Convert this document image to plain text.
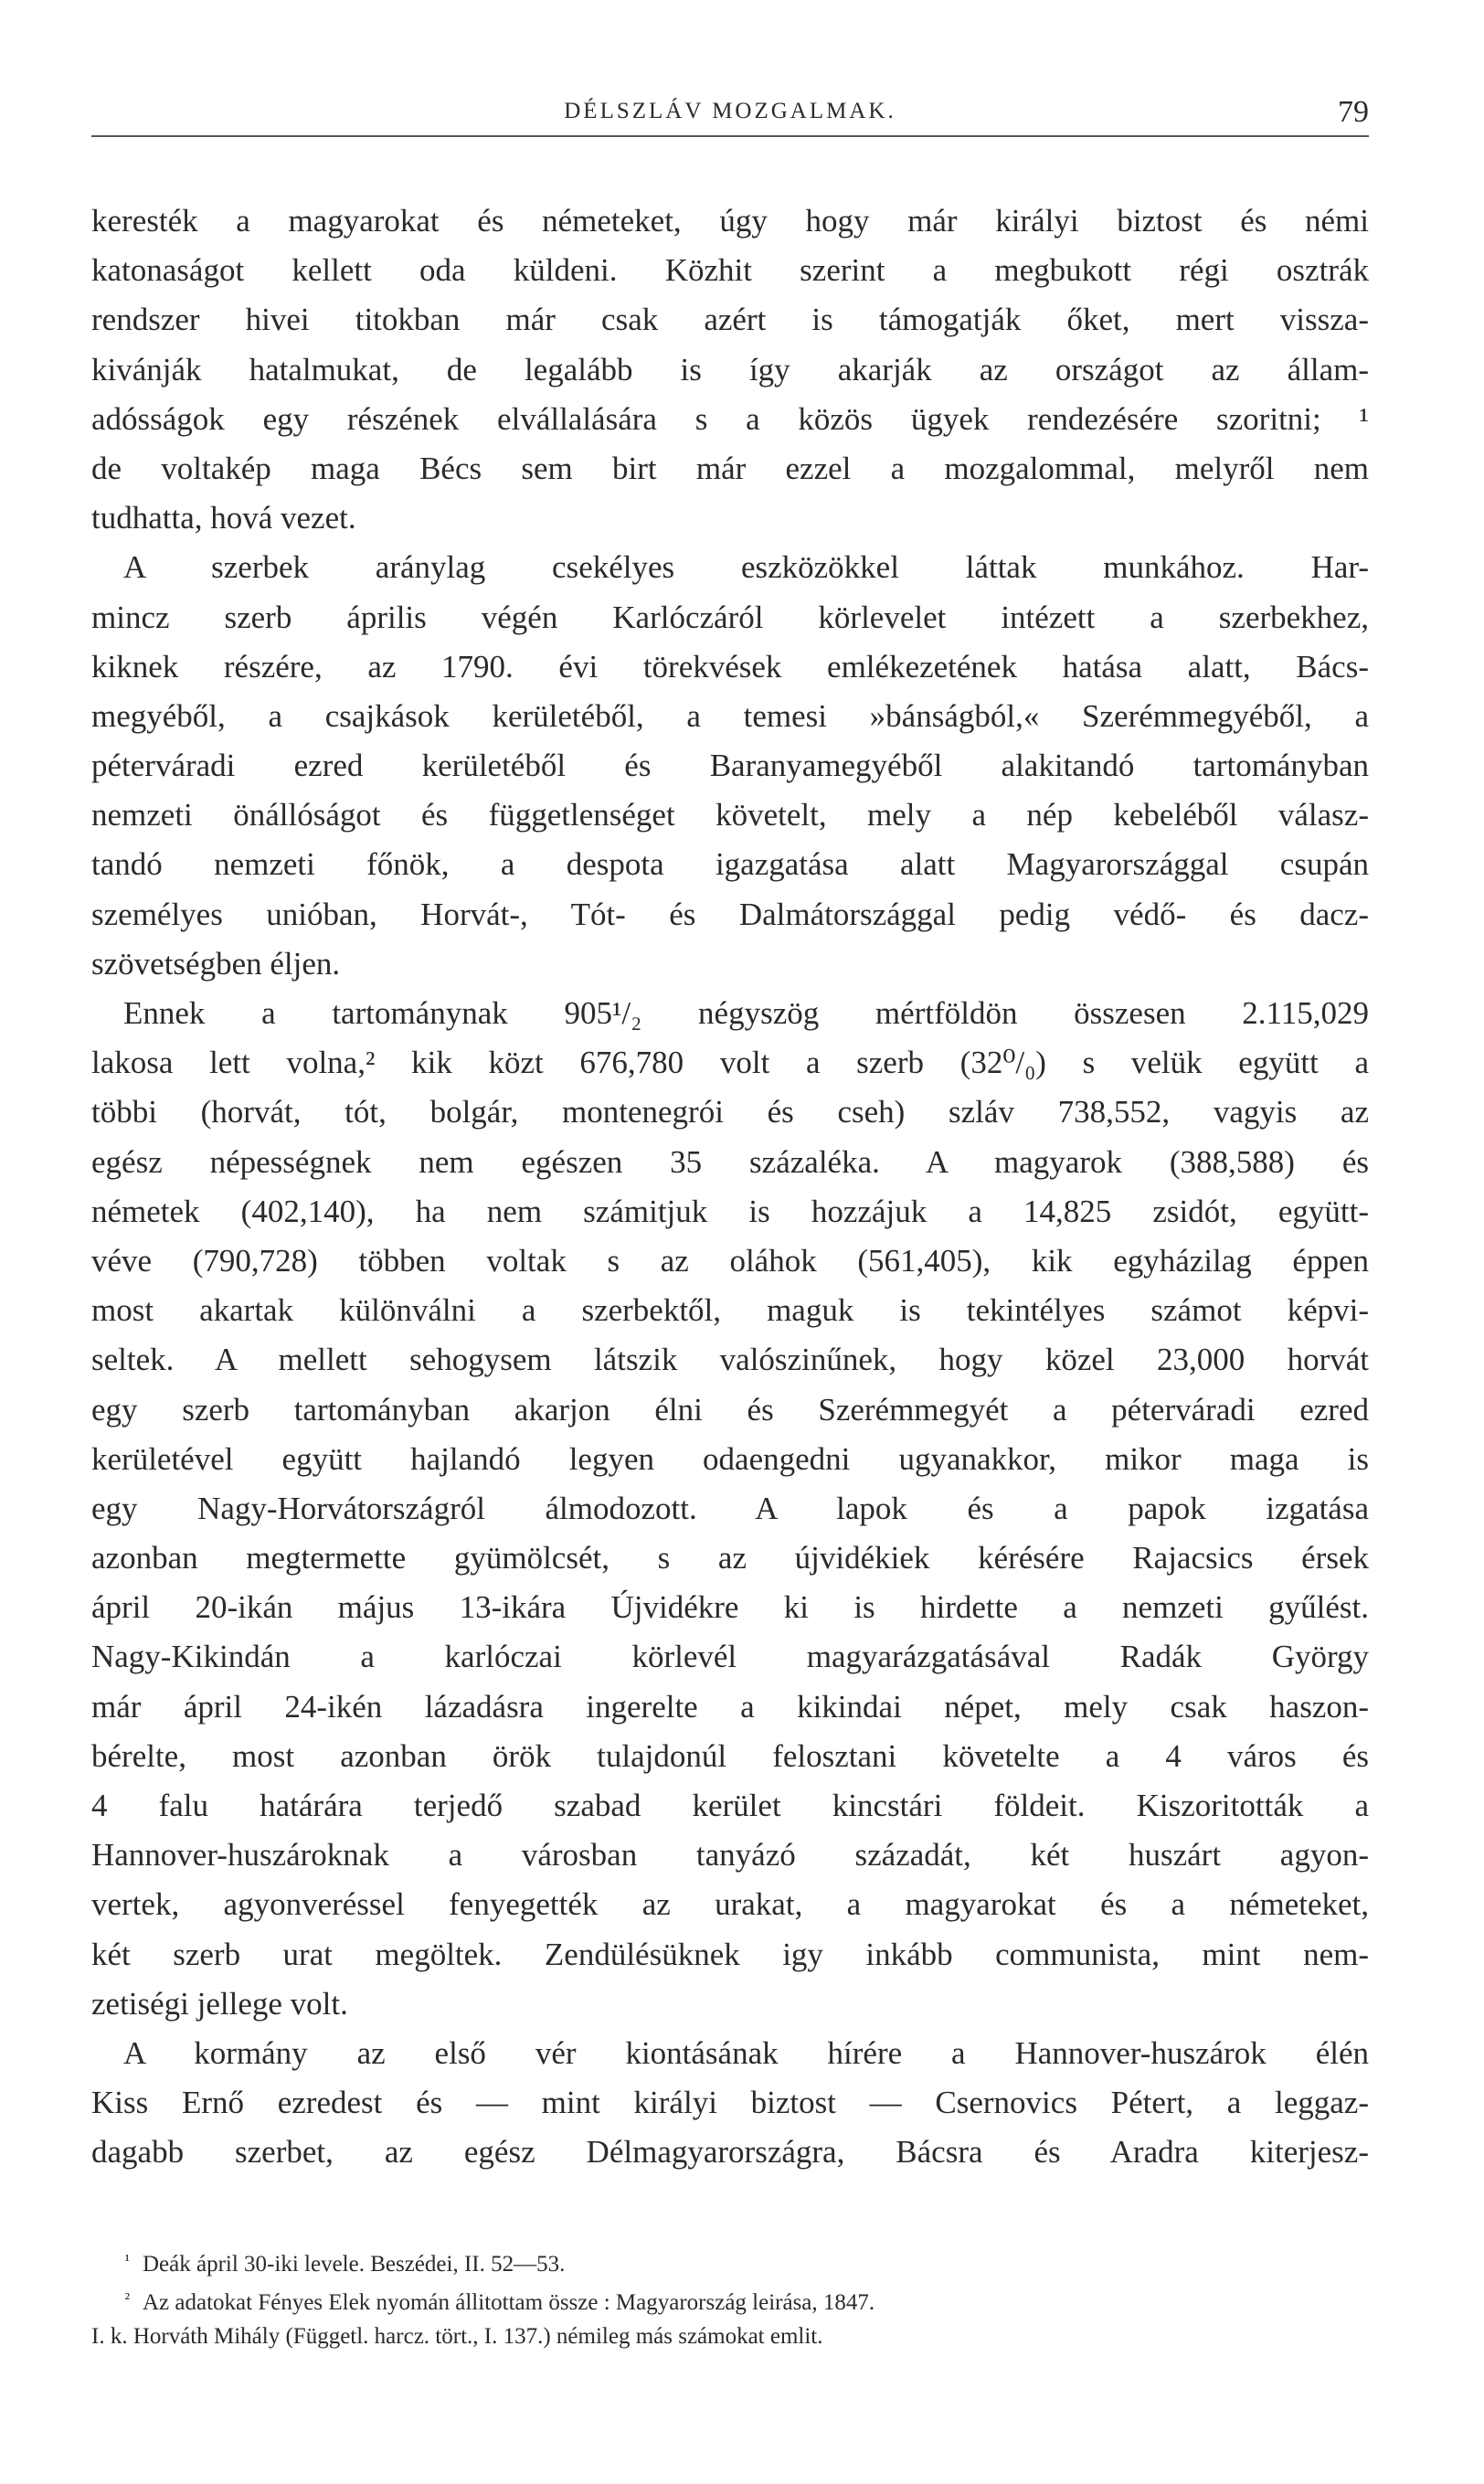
DÉLSZLÁV MOZGALMAK.	79
keresték a magyarokat és németeket, úgy hogy már királyi biztost és némi
katonaságot kellett oda küldeni. Közhit szerint a megbukott régi osztrák
rendszer hivei titokban már csak azért is támogatják őket, mert vissza-
kivánják hatalmukat, de legalább is így akarják az országot az állam-
adósságok egy részének elvállalására s a közös ügyek rendezésére szoritni; ¹
de voltakép maga Bécs sem birt már ezzel a mozgalommal, melyről nem
tudhatta, hová vezet.
A szerbek aránylag csekélyes eszközökkel láttak munkához. Har-
mincz szerb április végén Karlóczáról körlevelet intézett a szerbekhez,
kiknek részére, az 1790. évi törekvések emlékezetének hatása alatt, Bács-
megyéből, a csajkások kerületéből, a temesi »bánságból,« Szerémmegyéből, a
péterváradi ezred kerületéből és Baranyamegyéből alakitandó tartományban
nemzeti önállóságot és függetlenséget követelt, mely a nép kebeléből válasz-
tandó nemzeti főnök, a despota igazgatása alatt Magyarországgal csupán
személyes unióban, Horvát-, Tót- és Dalmátországgal pedig védő- és dacz-
szövetségben éljen.
Ennek a tartománynak 905¹/₂ négyszög mértföldön összesen 2.115,029
lakosa lett volna,² kik közt 676,780 volt a szerb (32⁰/₀) s velük együtt a
többi (horvát, tót, bolgár, montenegrói és cseh) szláv 738,552, vagyis az
egész népességnek nem egészen 35 százaléka. A magyarok (388,588) és
németek (402,140), ha nem számitjuk is hozzájuk a 14,825 zsidót, együtt-
véve (790,728) többen voltak s az oláhok (561,405), kik egyházilag éppen
most akartak különválni a szerbektől, maguk is tekintélyes számot képvi-
seltek. A mellett sehogysem látszik valószinűnek, hogy közel 23,000 horvát
egy szerb tartományban akarjon élni és Szerémmegyét a péterváradi ezred
kerületével együtt hajlandó legyen odaengedni ugyanakkor, mikor maga is
egy Nagy-Horvátországról álmodozott. A lapok és a papok izgatása
azonban megtermette gyümölcsét, s az újvidékiek kérésére Rajacsics érsek
ápril 20-ikán május 13-ikára Újvidékre ki is hirdette a nemzeti gyűlést.
Nagy-Kikindán a karlóczai körlevél magyarázgatásával Radák György
már ápril 24-ikén lázadásra ingerelte a kikindai népet, mely csak haszon-
bérelte, most azonban örök tulajdonúl felosztani követelte a 4 város és
4 falu határára terjedő szabad kerület kincstári földeit. Kiszoritották a
Hannover-huszároknak a városban tanyázó századát, két huszárt agyon-
vertek, agyonveréssel fenyegették az urakat, a magyarokat és a németeket,
két szerb urat megöltek. Zendülésüknek igy inkább communista, mint nem-
zetiségi jellege volt.
A kormány az első vér kiontásának hírére a Hannover-huszárok élén
Kiss Ernő ezredest és — mint királyi biztost — Csernovics Pétert, a leggaz-
dagabb szerbet, az egész Délmagyarországra, Bácsra és Aradra kiterjesz-
¹ Deák ápril 30-iki levele. Beszédei, II. 52—53.
² Az adatokat Fényes Elek nyomán állitottam össze : Magyarország leirása, 1847.
I. k. Horváth Mihály (Függetl. harcz. tört., I. 137.) némileg más számokat emlit.
